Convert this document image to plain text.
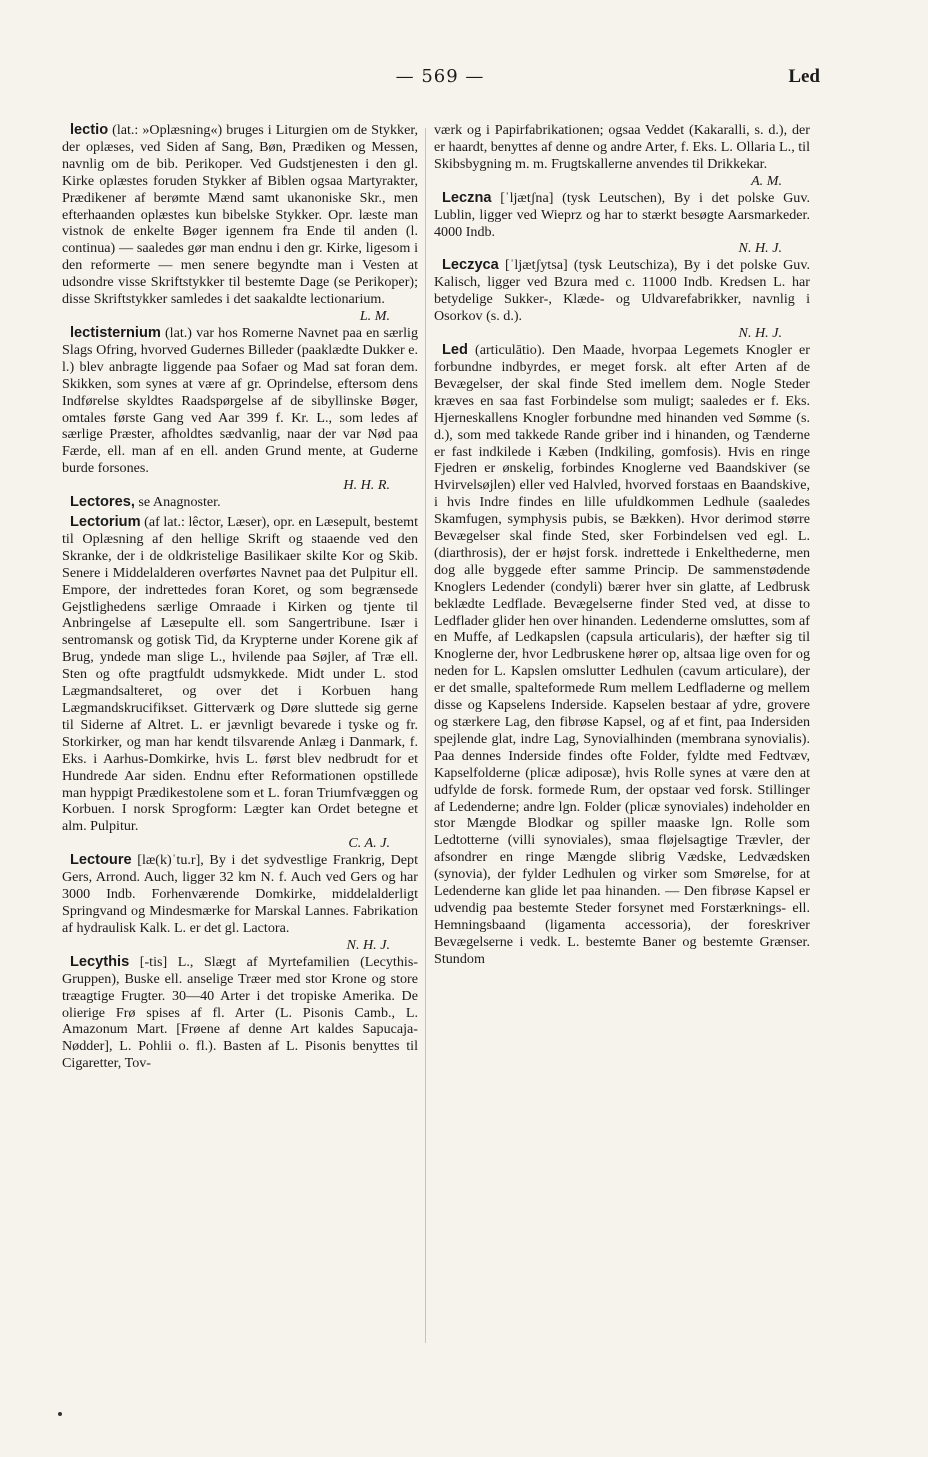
— 569 —	Led
lectio (lat.: »Oplæsning«) bruges i Liturgien om de Stykker, der oplæses, ved Siden af Sang, Bøn, Prædiken og Messen, navnlig om de bib. Perikoper. Ved Gudstjenesten i den gl. Kirke oplæstes foruden Stykker af Biblen ogsaa Martyrakter, Prædikener af berømte Mænd samt ukanoniske Skr., men efterhaanden oplæstes kun bibelske Stykker. Opr. læste man vistnok de enkelte Bøger igennem fra Ende til anden (l. continua) — saaledes gør man endnu i den gr. Kirke, ligesom i den reformerte — men senere begyndte man i Vesten at udsondre visse Skriftstykker til bestemte Dage (se Perikoper); disse Skriftstykker samledes i det saakaldte lectionarium.
L. M.
lectisternium (lat.) var hos Romerne Navnet paa en særlig Slags Ofring, hvorved Gudernes Billeder (paaklædte Dukker e. l.) blev anbragte liggende paa Sofaer og Mad sat foran dem. Skikken, som synes at være af gr. Oprindelse, eftersom dens Indførelse skyldtes Raadspørgelse af de sibyllinske Bøger, omtales første Gang ved Aar 399 f. Kr. L., som ledes af særlige Præster, afholdtes sædvanlig, naar der var Nød paa Færde, ell. man af en ell. anden Grund mente, at Guderne burde forsones.
H. H. R.
Lectores, se Anagnoster.
Lectorium (af lat.: lêctor, Læser), opr. en Læsepult, bestemt til Oplæsning af den hellige Skrift og staaende ved den Skranke, der i de oldkristelige Basilikaer skilte Kor og Skib. Senere i Middelalderen overførtes Navnet paa det Pulpitur ell. Empore, der indrettedes foran Koret, og som begrænsede Gejstlighedens særlige Omraade i Kirken og tjente til Anbringelse af Læsepulte ell. som Sangertribune. Især i sentromansk og gotisk Tid, da Krypterne under Korene gik af Brug, yndede man slige L., hvilende paa Søjler, af Træ ell. Sten og ofte pragtfuldt udsmykkede. Midt under L. stod Lægmandsalteret, og over det i Korbuen hang Lægmandskrucifikset. Gitterværk og Døre sluttede sig gerne til Siderne af Altret. L. er jævnligt bevarede i tyske og fr. Storkirker, og man har kendt tilsvarende Anlæg i Danmark, f. Eks. i Aarhus-Domkirke, hvis L. først blev nedbrudt for et Hundrede Aar siden. Endnu efter Reformationen opstillede man hyppigt Prædikestolene som et L. foran Triumfvæggen og Korbuen. I norsk Sprogform: Lægter kan Ordet betegne et alm. Pulpitur.
C. A. J.
Lectoure [læ(k)ˈtu.r], By i det sydvestlige Frankrig, Dept Gers, Arrond. Auch, ligger 32 km N. f. Auch ved Gers og har 3000 Indb. Forhenværende Domkirke, middelalderligt Springvand og Mindesmærke for Marskal Lannes. Fabrikation af hydraulisk Kalk. L. er det gl. Lactora.
N. H. J.
Lecythis [-tis] L., Slægt af Myrtefamilien (Lecythis-Gruppen), Buske ell. anselige Træer med stor Krone og store træagtige Frugter. 30—40 Arter i det tropiske Amerika. De olierige Frø spises af fl. Arter (L. Pisonis Camb., L. Amazonum Mart. [Frøene af denne Art kaldes Sapucaja-Nødder], L. Pohlii o. fl.). Basten af L. Pisonis benyttes til Cigaretter, Tov-
værk og i Papirfabrikationen; ogsaa Veddet (Kakaralli, s. d.), der er haardt, benyttes af denne og andre Arter, f. Eks. L. Ollaria L., til Skibsbygning m. m. Frugtskallerne anvendes til Drikkekar.
A. M.
Leczna [ˈljætʃna] (tysk Leutschen), By i det polske Guv. Lublin, ligger ved Wieprz og har to stærkt besøgte Aarsmarkeder. 4000 Indb.
N. H. J.
Leczyca [ˈljætʃytsa] (tysk Leutschiza), By i det polske Guv. Kalisch, ligger ved Bzura med c. 11000 Indb. Kredsen L. har betydelige Sukker-, Klæde- og Uldvarefabrikker, navnlig i Osorkov (s. d.).
N. H. J.
Led (articulātio). Den Maade, hvorpaa Legemets Knogler er forbundne indbyrdes, er meget forsk. alt efter Arten af de Bevægelser, der skal finde Sted imellem dem. Nogle Steder kræves en saa fast Forbindelse som muligt; saaledes er f. Eks. Hjerneskallens Knogler forbundne med hinanden ved Sømme (s. d.), som med takkede Rande griber ind i hinanden, og Tænderne er fast indkilede i Kæben (Indkiling, gomfosis). Hvis en ringe Fjedren er ønskelig, forbindes Knoglerne ved Baandskiver (se Hvirvelsøjlen) eller ved Halvled, hvorved forstaas en Baandskive, i hvis Indre findes en lille ufuldkommen Ledhule (saaledes Skamfugen, symphysis pubis, se Bækken). Hvor derimod større Bevægelser skal finde Sted, sker Forbindelsen ved egl. L. (diarthrosis), der er højst forsk. indrettede i Enkelthederne, men dog alle byggede efter samme Princip. De sammenstødende Knoglers Ledender (condyli) bærer hver sin glatte, af Ledbrusk beklædte Ledflade. Bevægelserne finder Sted ved, at disse to Ledflader glider hen over hinanden. Ledenderne omsluttes, som af en Muffe, af Ledkapslen (capsula articularis), der hæfter sig til Knoglerne der, hvor Ledbruskene hører op, altsaa lige oven for og neden for L. Kapslen omslutter Ledhulen (cavum articulare), der er det smalle, spalteformede Rum mellem Ledfladerne og mellem disse og Kapselens Inderside. Kapselen bestaar af ydre, grovere og stærkere Lag, den fibrøse Kapsel, og af et fint, paa Indersiden spejlende glat, indre Lag, Synovialhinden (membrana synovialis). Paa dennes Inderside findes ofte Folder, fyldte med Fedtvæv, Kapselfolderne (plicæ adiposæ), hvis Rolle synes at være den at udfylde de forsk. formede Rum, der opstaar ved forsk. Stillinger af Ledenderne; andre lgn. Folder (plicæ synoviales) indeholder en stor Mængde Blodkar og spiller maaske lgn. Rolle som Ledtotterne (villi synoviales), smaa fløjelsagtige Trævler, der afsondrer en ringe Mængde slibrig Vædske, Ledvædsken (synovia), der fylder Ledhulen og virker som Smørelse, for at Ledenderne kan glide let paa hinanden. — Den fibrøse Kapsel er udvendig paa bestemte Steder forsynet med Forstærknings- ell. Hemningsbaand (ligamenta accessoria), der foreskriver Bevægelserne i vedk. L. bestemte Baner og bestemte Grænser. Stundom
